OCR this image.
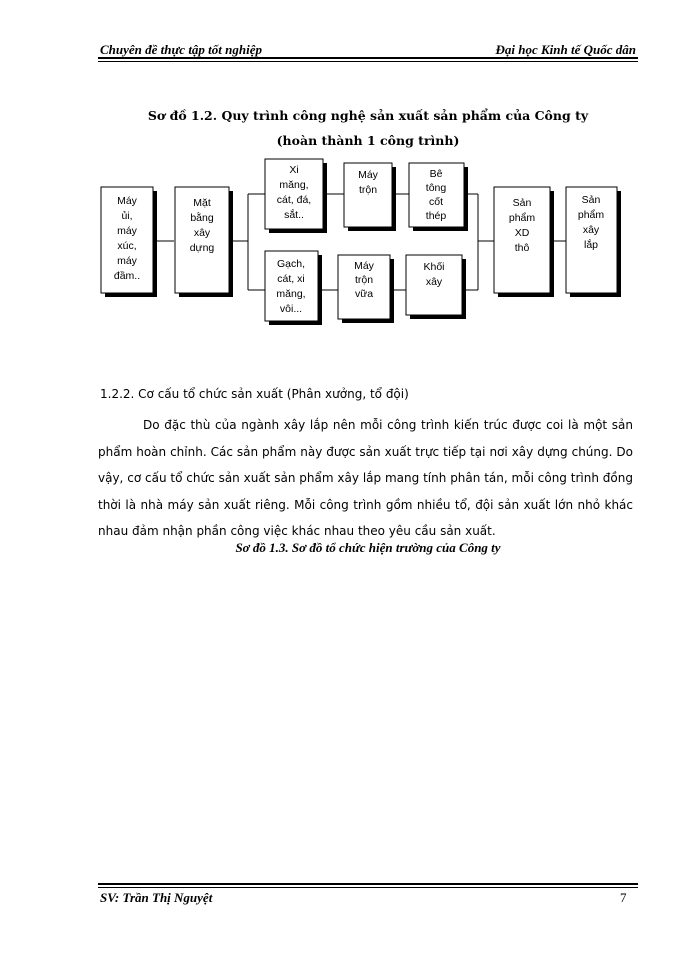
Chuyên đề thực tập tốt nghiệp	Đại học Kinh tế Quốc dân
Sơ đồ 1.2. Quy trình công nghệ sản xuất sản phẩm của Công ty
(hoàn thành 1 công trình)
Máy
ủi,
máy
xúc,
máy
đầm..
Mặt
bằng
xây
dựng
Xi
măng,
cát, đá,
sắt..
Máy
trộn
Bê
tông
cốt
thép
Gạch,
cát, xi
măng,
vôi...
Máy
trộn
vữa
Khối
xây
Sản
phẩm
XD
thô
Sản
phẩm
xây
lắp
1.2.2. Cơ cấu tổ chức sản xuất (Phân xưởng, tổ đội)

Do đặc thù của ngành xây lắp nên mỗi công trình kiến trúc được coi là một sản phẩm hoàn chỉnh. Các sản phẩm này được sản xuất trực tiếp tại nơi xây dựng chúng. Do vậy, cơ cấu tổ chức sản xuất sản phẩm xây lắp mang tính phân tán, mỗi công trình đồng thời là nhà máy sản xuất riêng. Mỗi công trình gồm nhiều tổ, đội sản xuất lớn nhỏ khác nhau đảm nhận phần công việc khác nhau theo yêu cầu sản xuất.

Sơ đồ 1.3. Sơ đồ tổ chức hiện trường của Công ty
SV: Trần Thị Nguyệt	7
